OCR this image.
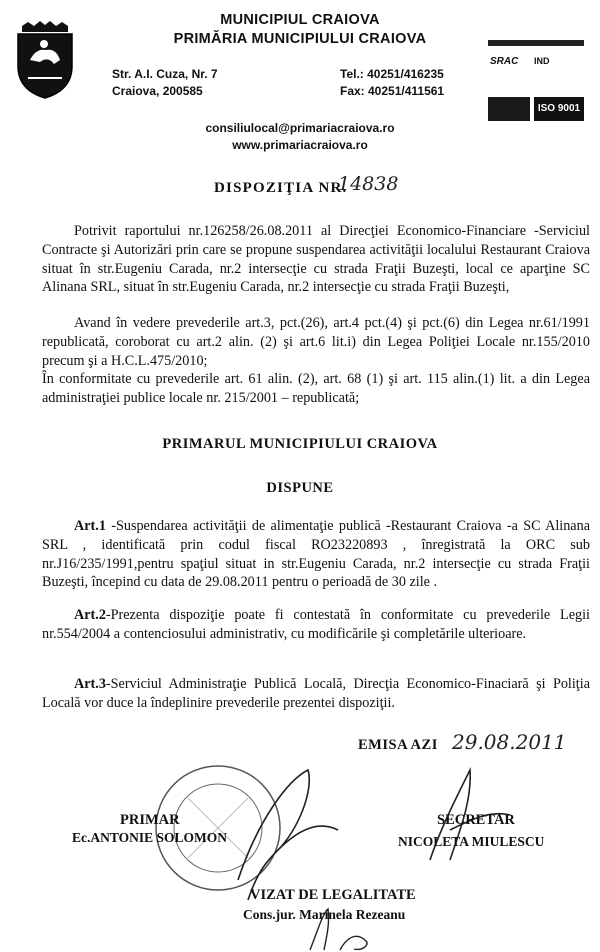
MUNICIPIUL CRAIOVA
PRIMĂRIA MUNICIPIULUI CRAIOVA
Str. A.I. Cuza, Nr. 7
Craiova, 200585
Tel.: 40251/416235
Fax: 40251/411561
consiliulocal@primariacraiova.ro
www.primariacraiova.ro
SRAC IND
ISO 9001
DISPOZIŢIA NR.
14838
Potrivit raportului nr.126258/26.08.2011 al Direcţiei Economico-Financiare -Serviciul Contracte şi Autorizări prin care se propune suspendarea activităţii localului Restaurant Craiova situat în str.Eugeniu Carada, nr.2 intersecţie cu strada Fraţii Buzeşti, local ce aparţine SC Alinana SRL, situat în str.Eugeniu Carada, nr.2 intersecţie cu strada Fraţii Buzeşti,
Avand în vedere prevederile art.3, pct.(26), art.4 pct.(4) şi pct.(6) din Legea nr.61/1991 republicată, coroborat cu art.2 alin. (2) şi art.6 lit.i) din Legea Poliţiei Locale nr.155/2010 precum şi a H.C.L.475/2010;
În conformitate cu prevederile art. 61 alin. (2), art. 68 (1) şi art. 115 alin.(1) lit. a din Legea administraţiei publice locale nr. 215/2001 – republicată;
PRIMARUL MUNICIPIULUI CRAIOVA
DISPUNE
Art.1 -Suspendarea activităţii de alimentaţie publică -Restaurant Craiova -a SC Alinana SRL , identificată prin codul fiscal RO23220893 , înregistrată la ORC sub nr.J16/235/1991,pentru spaţiul situat in str.Eugeniu Carada, nr.2 intersecţie cu strada Fraţii Buzeşti, începind cu data de 29.08.2011 pentru o perioadă de 30 zile .
Art.2-Prezenta dispoziţie poate fi contestată în conformitate cu prevederile Legii nr.554/2004 a contenciosului administrativ, cu modificările şi completările ulterioare.
Art.3-Serviciul Administraţie Publică Locală, Direcţia Economico-Finaciară şi Poliţia Locală vor duce la îndeplinire prevederile prezentei dispoziţii.
EMISA AZI 29.08.2011
PRIMAR
Ec.ANTONIE SOLOMON
SECRETAR
NICOLETA MIULESCU
VIZAT DE LEGALITATE
Cons.jur. Marinela Rezeanu
